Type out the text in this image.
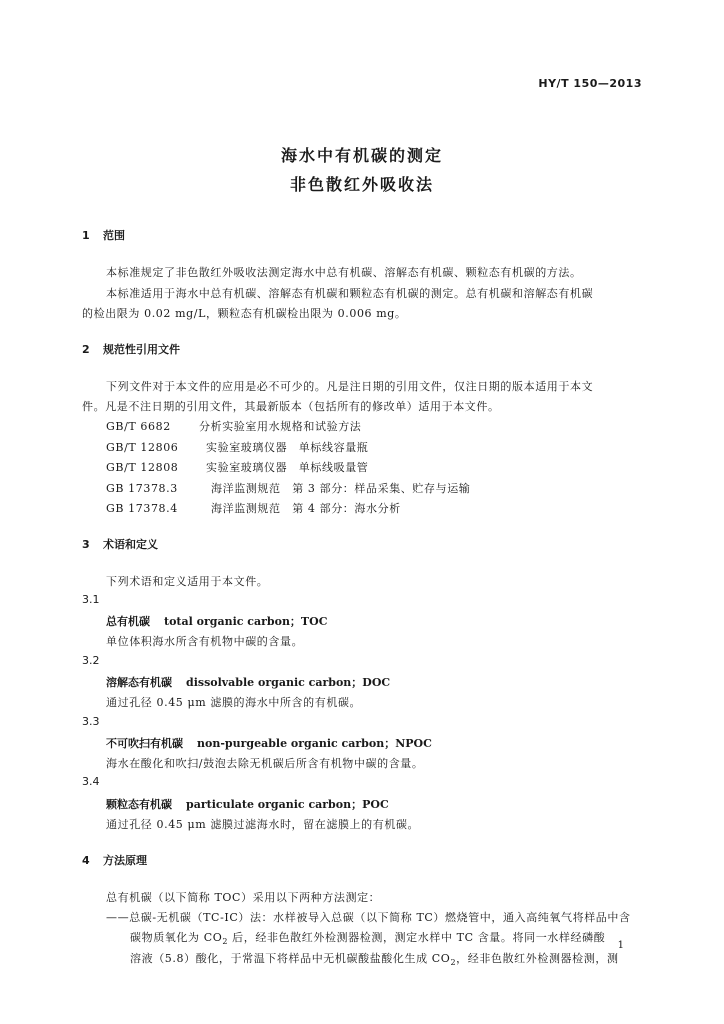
HY/T 150—2013
海水中有机碳的测定
非色散红外吸收法
1 范围
本标准规定了非色散红外吸收法测定海水中总有机碳、溶解态有机碳、颗粒态有机碳的方法。
本标准适用于海水中总有机碳、溶解态有机碳和颗粒态有机碳的测定。总有机碳和溶解态有机碳
的检出限为 0.02 mg/L，颗粒态有机碳检出限为 0.006 mg。
2 规范性引用文件
下列文件对于本文件的应用是必不可少的。凡是注日期的引用文件，仅注日期的版本适用于本文
件。凡是不注日期的引用文件，其最新版本（包括所有的修改单）适用于本文件。
GB/T 6682	分析实验室用水规格和试验方法
GB/T 12806	实验室玻璃仪器　单标线容量瓶
GB/T 12808	实验室玻璃仪器　单标线吸量管
GB 17378.3	海洋监测规范　第 3 部分：样品采集、贮存与运输
GB 17378.4	海洋监测规范　第 4 部分：海水分析
3 术语和定义
下列术语和定义适用于本文件。
3.1
总有机碳 total organic carbon；TOC
单位体积海水所含有机物中碳的含量。
3.2
溶解态有机碳 dissolvable organic carbon；DOC
通过孔径 0.45 μm 滤膜的海水中所含的有机碳。
3.3
不可吹扫有机碳 non-purgeable organic carbon；NPOC
海水在酸化和吹扫/鼓泡去除无机碳后所含有机物中碳的含量。
3.4
颗粒态有机碳 particulate organic carbon；POC
通过孔径 0.45 μm 滤膜过滤海水时，留在滤膜上的有机碳。
4 方法原理
总有机碳（以下简称 TOC）采用以下两种方法测定：
——总碳-无机碳（TC-IC）法：水样被导入总碳（以下简称 TC）燃烧管中，通入高纯氧气将样品中含
碳物质氧化为 $CO_2$ 后，经非色散红外检测器检测，测定水样中 TC 含量。将同一水样经磷酸
溶液（5.8）酸化，于常温下将样品中无机碳酸盐酸化生成 $CO_2$，经非色散红外检测器检测，测
1
